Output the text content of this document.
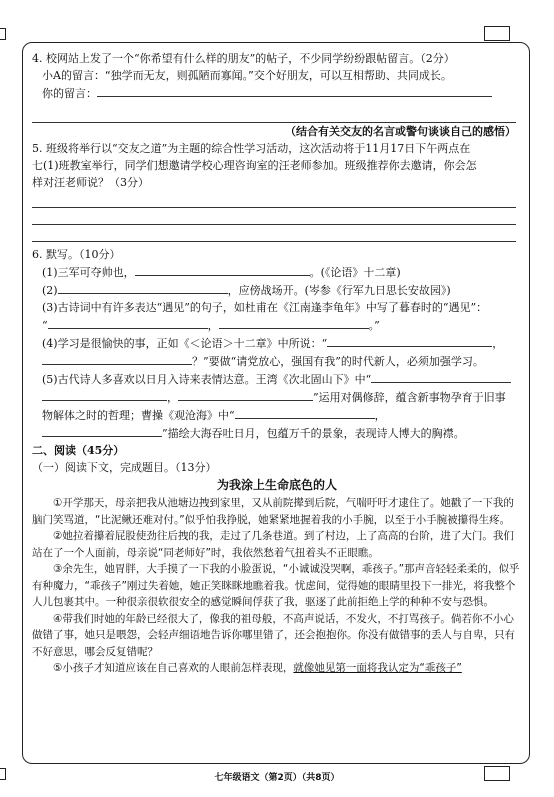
4. 校网站上发了一个“你希望有什么样的朋友”的帖子，不少同学纷纷跟帖留言。（2分）
小A的留言：“独学而无友，则孤陋而寡闻。”交个好朋友，可以互相帮助、共同成长。
你的留言：
（结合有关交友的名言或警句谈谈自己的感悟）
5. 班级将举行以“交友之道”为主题的综合性学习活动，这次活动将于11月17日下午两点在
七(1)班教室举行，同学们想邀请学校心理咨询室的汪老师参加。班级推荐你去邀请，你会怎
样对汪老师说？（3分）
6. 默写。（10分）
(1)三军可夺帅也，	。(《论语》十二章)
(2)	，应傍战场开。(岑参《行军九日思长安故园》)
(3)古诗词中有许多表达“遇见”的句子，如杜甫在《江南逢李龟年》中写了暮春时的“遇见”：
“	，	。”
(4)学习是很愉快的事，正如《＜论语＞十二章》中所说：“	，
？”要做“请党放心，强国有我”的时代新人，必须加强学习。
(5)古代诗人多喜欢以日月入诗来表情达意。王湾《次北固山下》中“
，	”运用对偶修辞，蕴含新事物孕育于旧事
物解体之时的哲理；曹操《观沧海》中“	，
”描绘大海吞吐日月，包蕴万千的景象，表现诗人博大的胸襟。
二、阅读（45分）
（一）阅读下文，完成题目。（13分）
为我涂上生命底色的人
①开学那天，母亲把我从池塘边拽到家里，又从前院撵到后院，气喘吁吁才逮住了。她戳了一下我的脑门笑骂道，“比泥鳅还难对付。”似乎怕我挣脱，她紧紧地握着我的小手腕，以至于小手腕被攥得生疼。
②她拉着攥着屁股使劲往后拽的我，走过了几条巷道。到了村边，上了高高的台阶，进了大门。我们站在了一个人面前，母亲说“同老师好”时，我依然愁着气扭着头不正眼瞧。
③余先生，她胃胖，大手摸了一下我的小脸蛋说，“小诚诚没哭啊，乖孩子。”那声音轻轻柔柔的，似乎有种魔力，“乖孩子”刚过失着她，她正笑眯眯地瞧着我。忧虑间，觉得她的眼睛里投下一排光，将我整个人儿包裹其中。一种很亲很软很安全的感觉瞬间俘获了我，驱逐了此前拒绝上学的种种不安与恐惧。
④带我们时她的年龄已经很大了，像我的祖母般，不高声说话，不发火，不打骂孩子。倘若你不小心做错了事，她只是喂怨，会轻声细语地告诉你哪里错了，还会抱抱你。你没有做错事的丢人与自卑，只有不好意思，哪会反复错呢？
⑤小孩子才知道应该在自己喜欢的人眼前怎样表现，就像她见第一面将我认定为“乖孩子”
七年级语文（第2页）（共8页）
